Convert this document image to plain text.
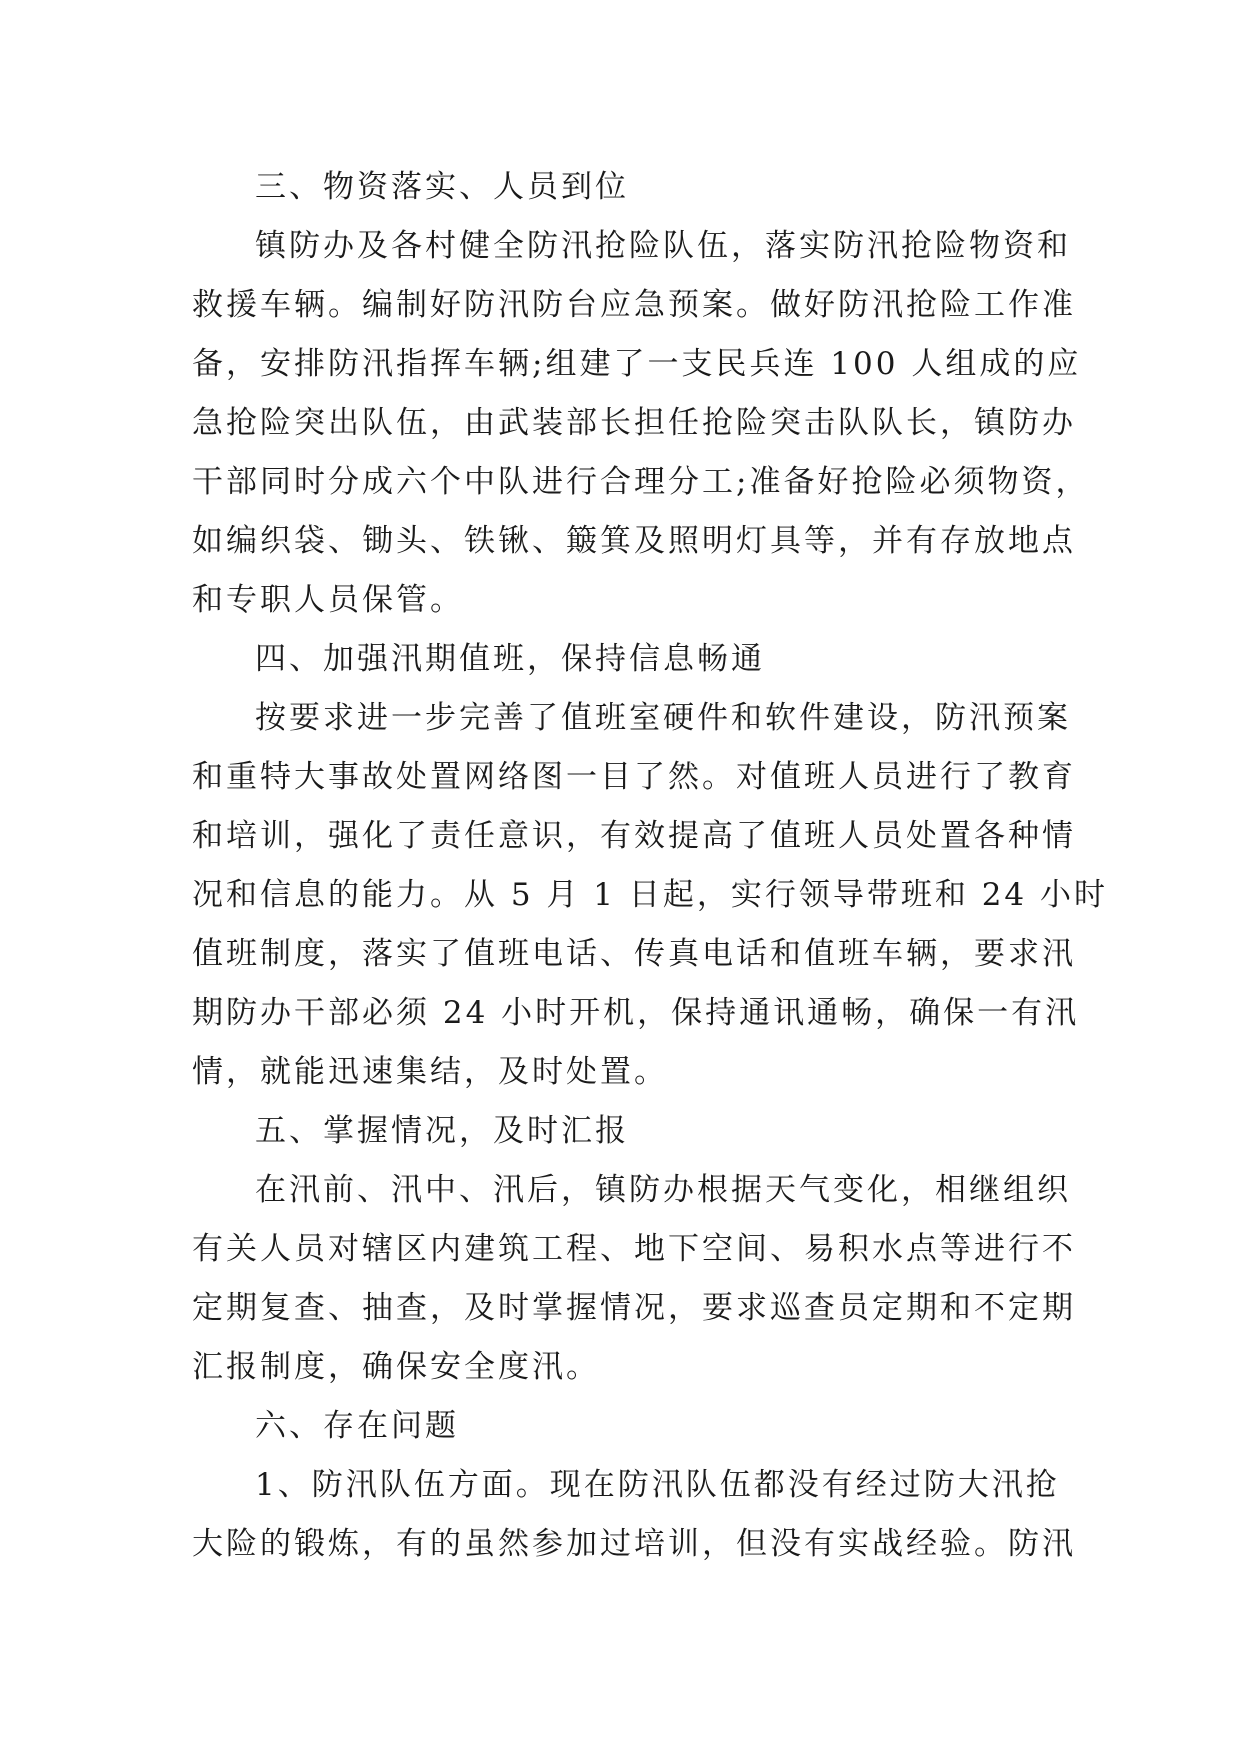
三、物资落实、人员到位
镇防办及各村健全防汛抢险队伍，落实防汛抢险物资和
救援车辆。编制好防汛防台应急预案。做好防汛抢险工作准
备，安排防汛指挥车辆;组建了一支民兵连 100 人组成的应
急抢险突出队伍，由武装部长担任抢险突击队队长，镇防办
干部同时分成六个中队进行合理分工;准备好抢险必须物资，
如编织袋、锄头、铁锹、簸箕及照明灯具等，并有存放地点
和专职人员保管。
四、加强汛期值班，保持信息畅通
按要求进一步完善了值班室硬件和软件建设，防汛预案
和重特大事故处置网络图一目了然。对值班人员进行了教育
和培训，强化了责任意识，有效提高了值班人员处置各种情
况和信息的能力。从 5 月 1 日起，实行领导带班和 24 小时
值班制度，落实了值班电话、传真电话和值班车辆，要求汛
期防办干部必须 24 小时开机，保持通讯通畅，确保一有汛
情，就能迅速集结，及时处置。
五、掌握情况，及时汇报
在汛前、汛中、汛后，镇防办根据天气变化，相继组织
有关人员对辖区内建筑工程、地下空间、易积水点等进行不
定期复查、抽查，及时掌握情况，要求巡查员定期和不定期
汇报制度，确保安全度汛。
六、存在问题
1、防汛队伍方面。现在防汛队伍都没有经过防大汛抢
大险的锻炼，有的虽然参加过培训，但没有实战经验。防汛
